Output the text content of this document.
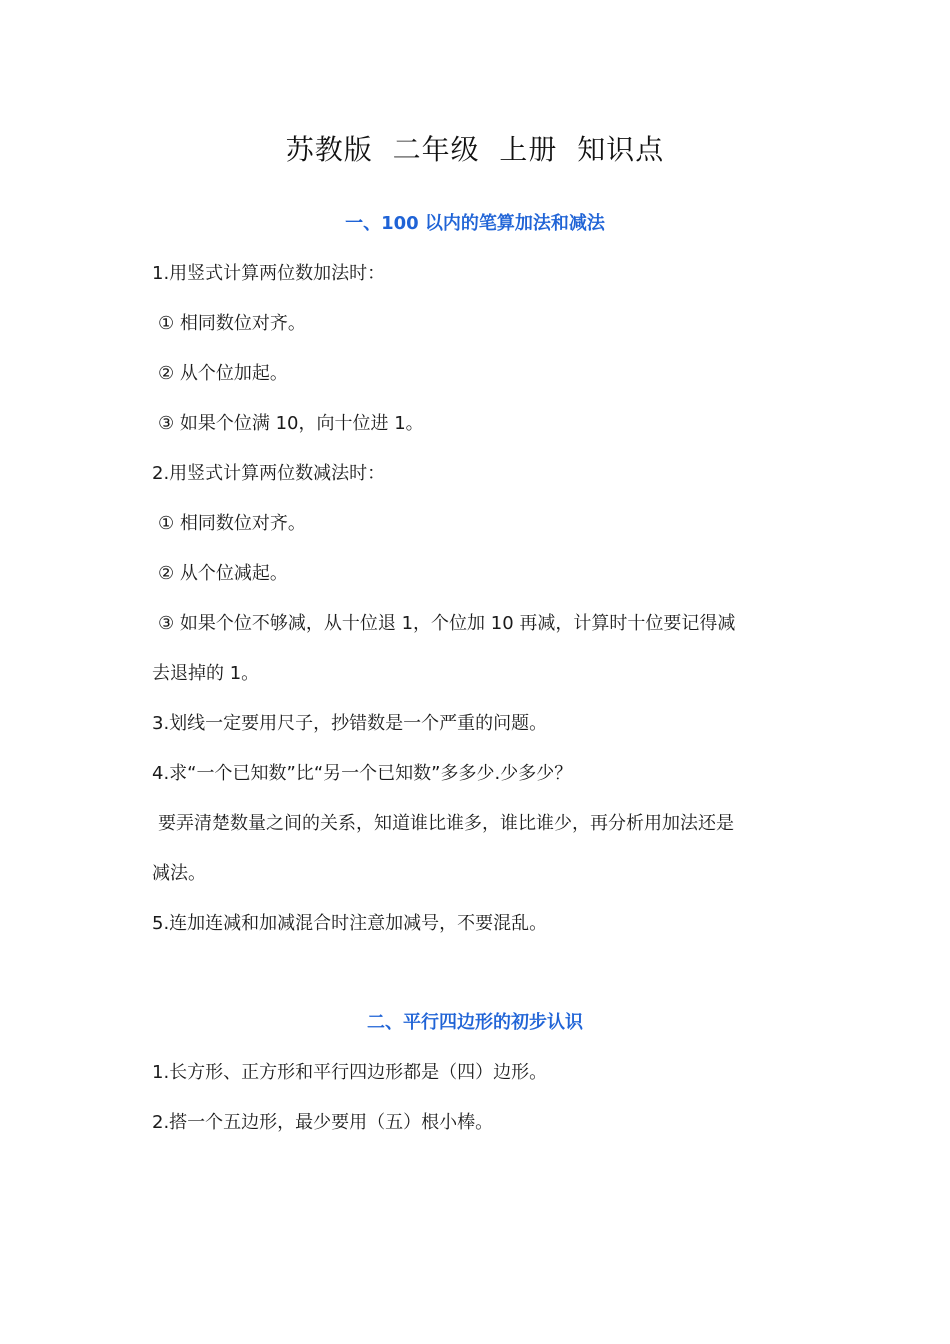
苏教版  二年级  上册  知识点
一、100 以内的笔算加法和减法
1.用竖式计算两位数加法时：
① 相同数位对齐。
② 从个位加起。
③ 如果个位满 10，向十位进 1。
2.用竖式计算两位数减法时：
① 相同数位对齐。
② 从个位减起。
③ 如果个位不够减，从十位退 1，个位加 10 再减，计算时十位要记得减
去退掉的 1。
3.划线一定要用尺子，抄错数是一个严重的问题。
4.求“一个已知数”比“另一个已知数”多多少.少多少？
要弄清楚数量之间的关系，知道谁比谁多，谁比谁少，再分析用加法还是
减法。
5.连加连减和加减混合时注意加减号，不要混乱。
二、平行四边形的初步认识
1.长方形、正方形和平行四边形都是（四）边形。
2.搭一个五边形，最少要用（五）根小棒。
